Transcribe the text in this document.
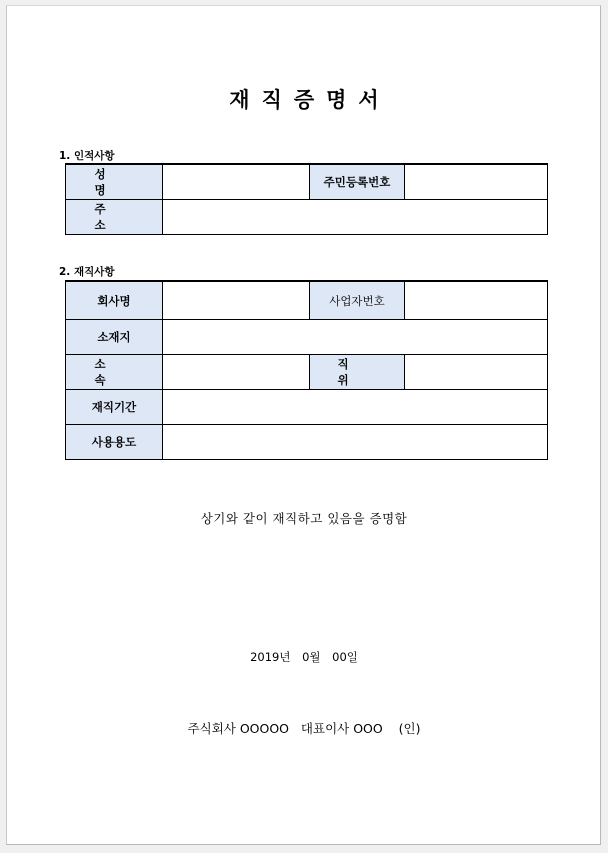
재직증명서
1. 인적사항
성 명		주민등록번호	
주 소			
2. 재직사항
회사명		사업자번호	
소재지			
소 속		직 위	
재직기간			
사용용도			
상기와 같이 재직하고 있음을 증명함
2019년 0월 00일
주식회사 OOOOO   대표이사 OOO    (인)
